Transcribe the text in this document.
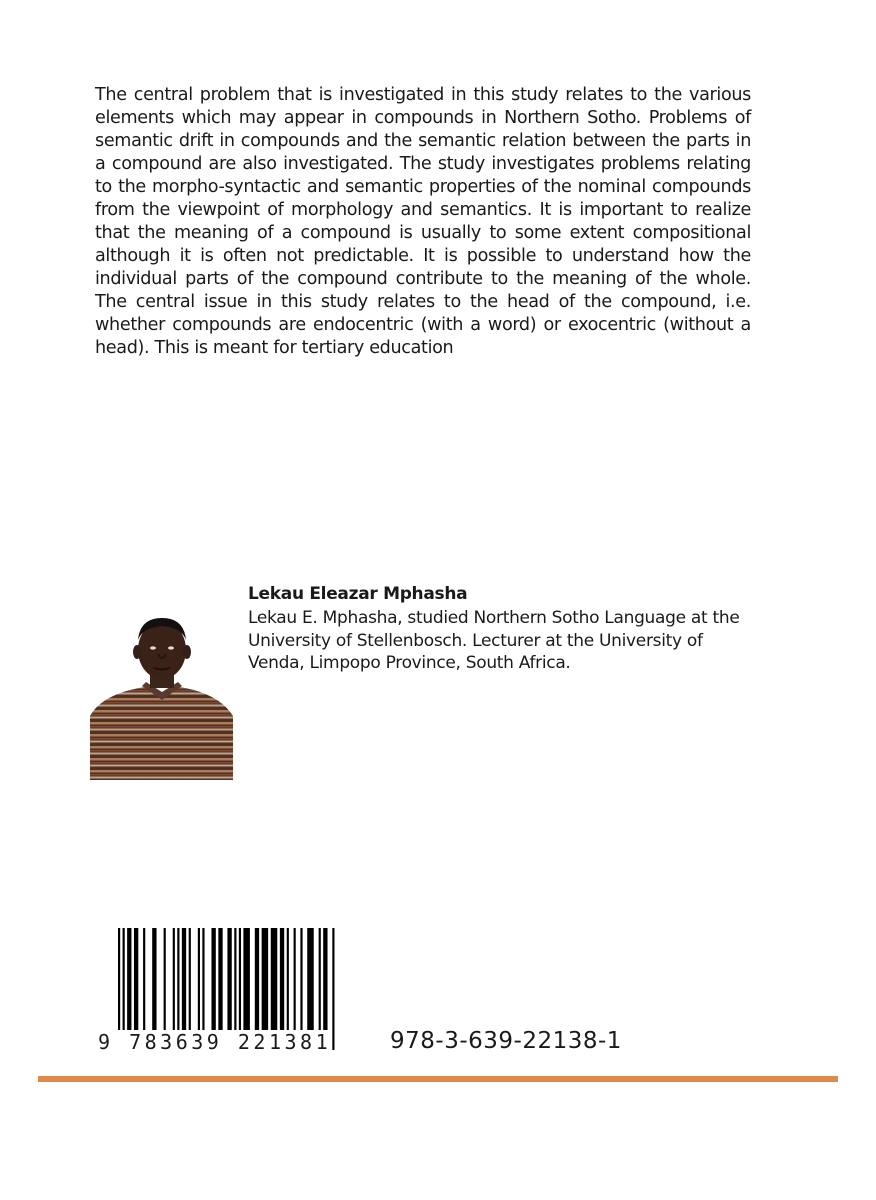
The central problem that is investigated in this study relates to the various elements which may appear in compounds in Northern Sotho. Problems of semantic drift in compounds and the semantic relation between the parts in a compound are also investigated. The study investigates problems relating to the morpho-syntactic and semantic properties of the nominal compounds from the viewpoint of morphology and semantics. It is important to realize that the meaning of a compound is usually to some extent compositional although it is often not predictable. It is possible to understand how the individual parts of the compound contribute to the meaning of the whole. The central issue in this study relates to the head of the compound, i.e. whether compounds are endocentric (with a word) or exocentric (without a head). This is meant for tertiary education

Lekau Eleazar Mphasha

Lekau E. Mphasha, studied Northern Sotho Language at the University of Stellenbosch. Lecturer at the University of Venda, Limpopo Province, South Africa.

9 783639 221381	978-3-639-22138-1
